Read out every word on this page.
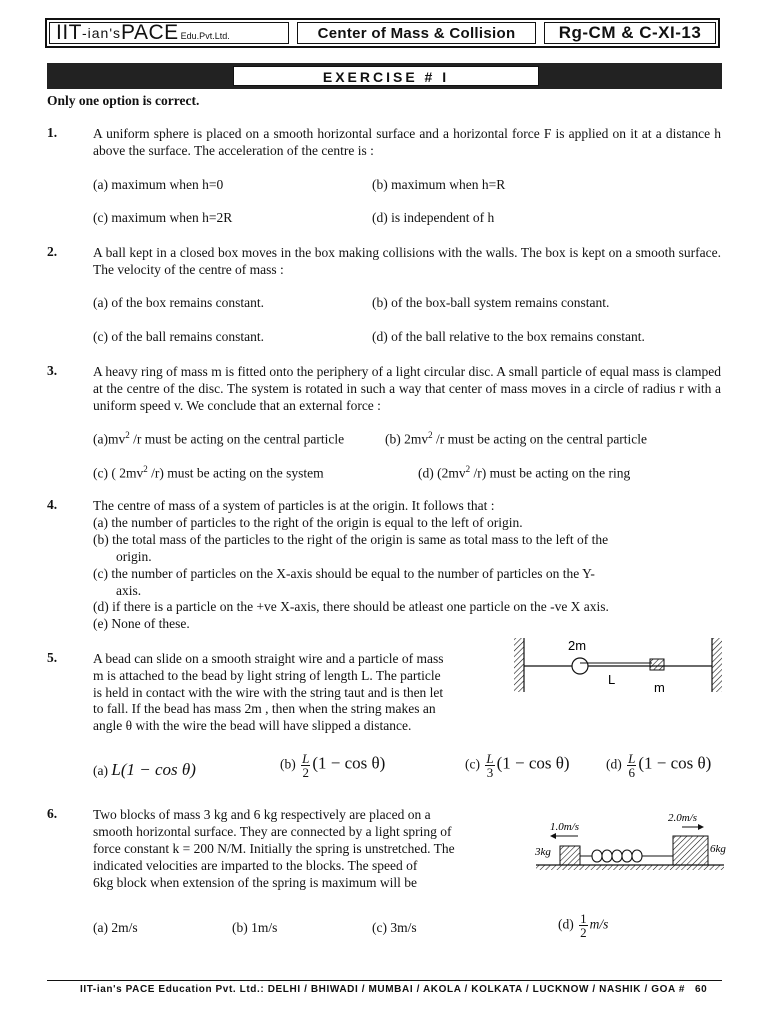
IIT -ian's PACE Edu.Pvt.Ltd.	Center of Mass & Collision	Rg-CM & C-XI-13
EXERCISE # I
Only one option is correct.
1.	A uniform sphere is placed on a smooth horizontal surface and a horizontal force F is applied on it at a distance h above the surface. The acceleration of the centre is :
(a) maximum when h=0	(b) maximum when h=R
(c) maximum when h=2R	(d) is independent of h
2.	A ball kept in a closed box moves in the box making collisions with the walls. The box is kept on a smooth surface. The velocity of the centre of mass :
(a) of the box remains constant.	(b) of the box-ball system remains constant.
(c) of the ball remains constant.	(d) of the ball relative to the box remains constant.
3.	A heavy ring of mass m is fitted onto the periphery of a light circular disc. A small particle of equal mass is clamped at the centre of the disc. The system is rotated in such a way that center of mass moves in a circle of radius r with a uniform speed v. We conclude that an external force :
$(a)mv^2$ /r must be acting on the central particle	(b) $2mv^2$ /r must be acting on the central particle
(c) ( $2mv^2$ /r) must be acting on the system	(d) ($2mv^2$ /r) must be acting on the ring
4.	The centre of mass of a system of particles is at the origin. It follows that :
(a) the number of particles to the right of the origin is equal to the left of origin.
(b) the total mass of the particles to the right of the origin is same as total mass to the left of the
origin.
(c) the number of particles on the X-axis should be equal to the number of particles on the Y-
axis.
(d) if there is a particle on the +ve X-axis, there should be atleast one particle on the -ve X axis.
(e) None of these.
5.	A bead can slide on a smooth straight wire and a particle of mass
m is attached to the bead by light string of length L. The particle
is held in contact with the wire with the string taut and is then let
to fall. If the bead has mass 2m , then when the string makes an
angle θ with the wire the bead will have slipped a distance.
2m
L
m
(a) L(1 − cos θ)	$(b) \frac{L}{2} (1 - \cos \theta)$	$(c) \frac{L}{3} (1 - \cos \theta)$	$(d) \frac{L}{6} (1 - \cos \theta)$
6.	Two blocks of mass 3 kg and 6 kg respectively are placed on a
smooth horizontal surface. They are connected by a light spring of
force constant k = 200 N/M. Initially the spring is unstretched. The
indicated velocities are imparted to the blocks. The speed of
6kg block when extension of the spring is maximum will be
1.0m/s
2.0m/s
3kg	6kg
(a) 2m/s	(b) 1m/s	(c) 3m/s	$(d) \frac{1}{2} m/s$
IIT-ian's PACE Education Pvt. Ltd.: DELHI / BHIWADI / MUMBAI / AKOLA / KOLKATA / LUCKNOW / NASHIK / GOA # 60
